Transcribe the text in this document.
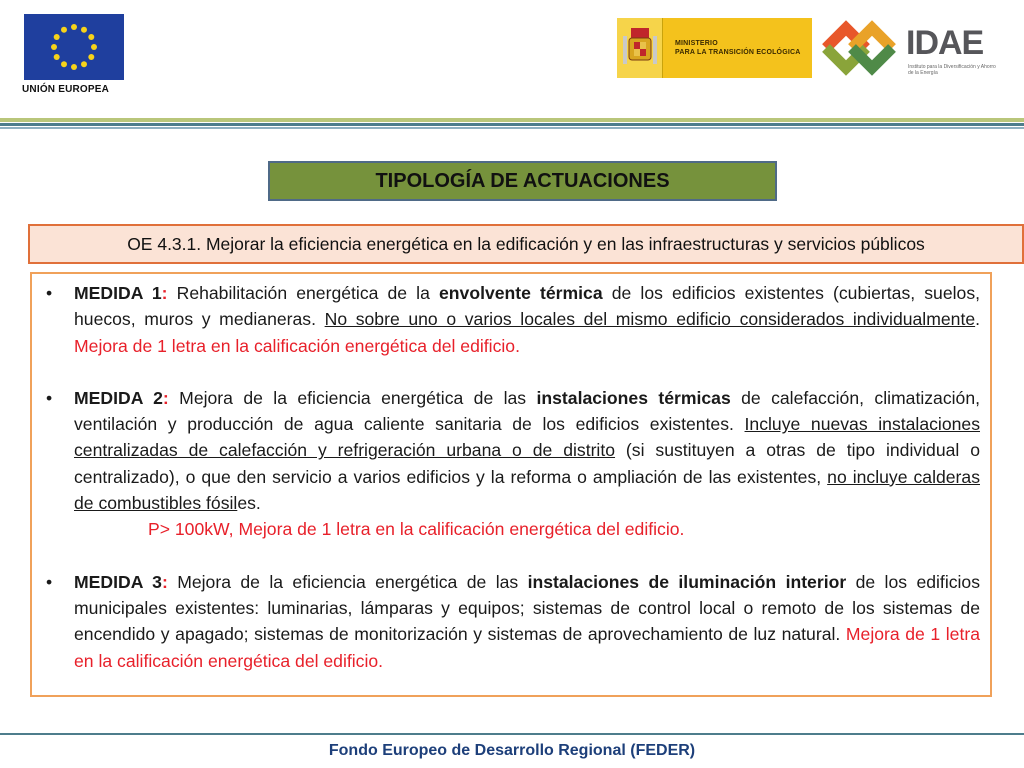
UNIÓN EUROPEA
MINISTERIO
PARA LA TRANSICIÓN ECOLÓGICA	IDAE
Instituto para la Diversificación y Ahorro de la Energía
TIPOLOGÍA DE ACTUACIONES
OE 4.3.1. Mejorar la eficiencia energética en la edificación y en las infraestructuras y servicios públicos
• MEDIDA 1: Rehabilitación energética de la envolvente térmica de los edificios existentes (cubiertas, suelos, huecos, muros y medianeras. No sobre uno o varios locales del mismo edificio considerados individualmente. Mejora de 1 letra en la calificación energética del edificio.
• MEDIDA 2: Mejora de la eficiencia energética de las instalaciones térmicas de calefacción, climatización, ventilación y producción de agua caliente sanitaria de los edificios existentes. Incluye nuevas instalaciones centralizadas de calefacción y refrigeración urbana o de distrito (si sustituyen a otras de tipo individual o centralizado), o que den servicio a varios edificios y la reforma o ampliación de las existentes, no incluye calderas de combustibles fósiles.
P> 100kW, Mejora de 1 letra en la calificación energética del edificio.
• MEDIDA 3: Mejora de la eficiencia energética de las instalaciones de iluminación interior de los edificios municipales existentes: luminarias, lámparas y equipos; sistemas de control local o remoto de los sistemas de encendido y apagado; sistemas de monitorización y sistemas de aprovechamiento de luz natural. Mejora de 1 letra en la calificación energética del edificio.
Fondo Europeo de Desarrollo Regional (FEDER)
